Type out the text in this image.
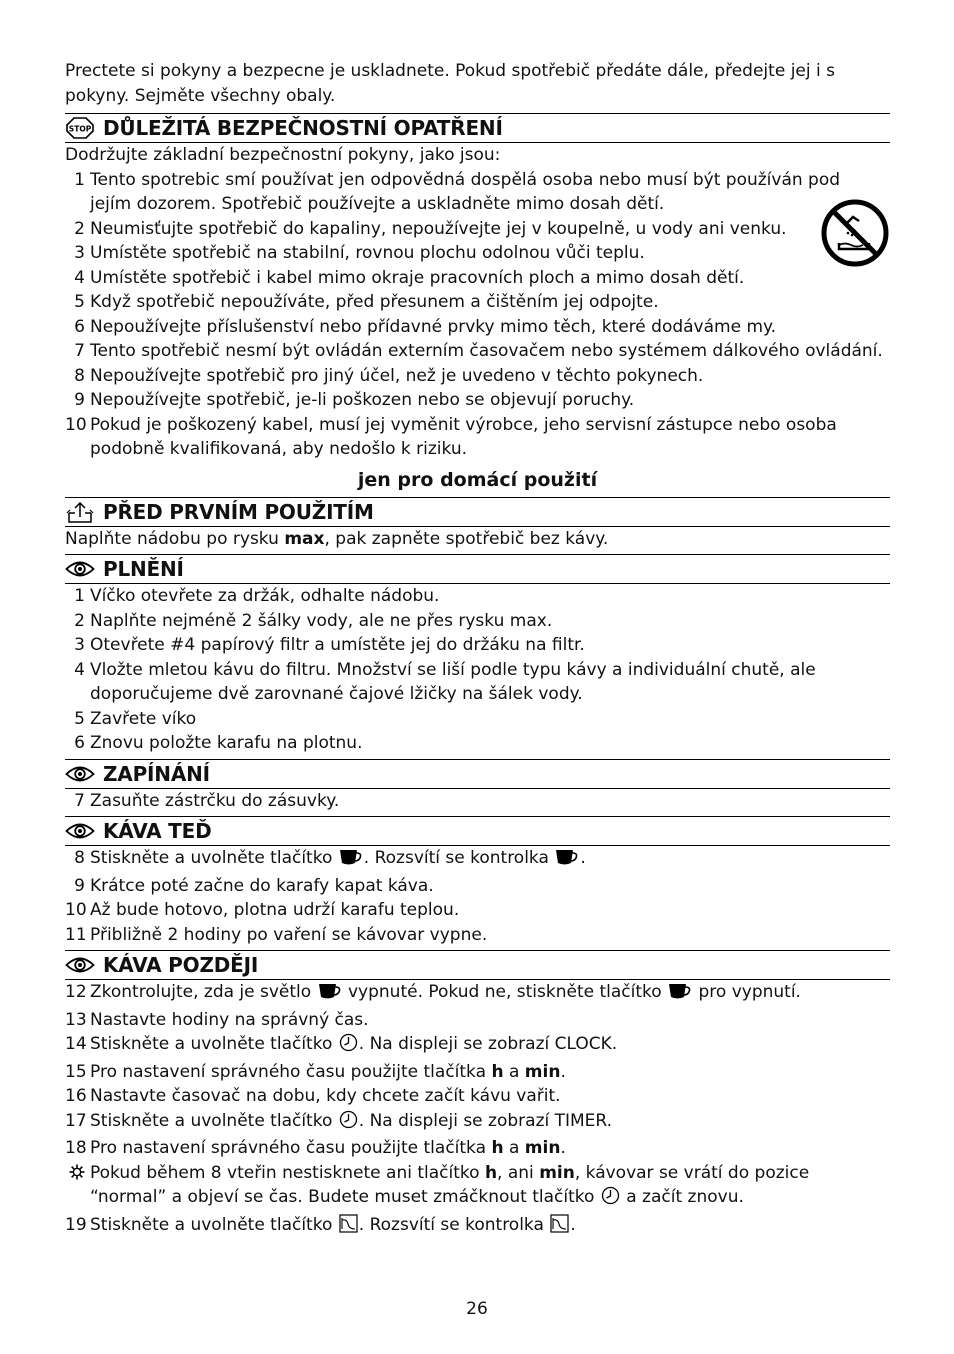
Prectete si pokyny a bezpecne je uskladnete. Pokud spotřebič předáte dále, předejte jej i s pokyny. Sejměte všechny obaly.

STOP DŮLEŽITÁ BEZPEČNOSTNÍ OPATŘENÍ
Dodržujte základní bezpečnostní pokyny, jako jsou:
1 Tento spotrebic smí používat jen odpovědná dospělá osoba nebo musí být používán pod jejím dozorem. Spotřebič používejte a uskladněte mimo dosah dětí.
2 Neumisťujte spotřebič do kapaliny, nepoužívejte jej v koupelně, u vody ani venku.
3 Umístěte spotřebič na stabilní, rovnou plochu odolnou vůči teplu.
4 Umístěte spotřebič i kabel mimo okraje pracovních ploch a mimo dosah dětí.
5 Když spotřebič nepoužíváte, před přesunem a čištěním jej odpojte.
6 Nepoužívejte příslušenství nebo přídavné prvky mimo těch, které dodáváme my.
7 Tento spotřebič nesmí být ovládán externím časovačem nebo systémem dálkového ovládání.
8 Nepoužívejte spotřebič pro jiný účel, než je uvedeno v těchto pokynech.
9 Nepoužívejte spotřebič, je-li poškozen nebo se objevují poruchy.
10 Pokud je poškozený kabel, musí jej vyměnit výrobce, jeho servisní zástupce nebo osoba podobně kvalifikovaná, aby nedošlo k riziku.
jen pro domácí použití
PŘED PRVNÍM POUŽITÍM
Naplňte nádobu po rysku max, pak zapněte spotřebič bez kávy.
PLNĚNÍ
1 Víčko otevřete za držák, odhalte nádobu.
2 Naplňte nejméně 2 šálky vody, ale ne přes rysku max.
3 Otevřete #4 papírový filtr a umístěte jej do držáku na filtr.
4 Vložte mletou kávu do filtru. Množství se liší podle typu kávy a individuální chutě, ale doporučujeme dvě zarovnané čajové lžičky na šálek vody.
5 Zavřete víko
6 Znovu položte karafu na plotnu.
ZAPÍNÁNÍ
7 Zasuňte zástrčku do zásuvky.
KÁVA TEĎ
8 Stiskněte a uvolněte tlačítko . Rozsvítí se kontrolka .
9 Krátce poté začne do karafy kapat káva.
10 Až bude hotovo, plotna udrží karafu teplou.
11 Přibližně 2 hodiny po vaření se kávovar vypne.
KÁVA POZDĚJI
12 Zkontrolujte, zda je světlo  vypnuté. Pokud ne, stiskněte tlačítko  pro vypnutí.
13 Nastavte hodiny na správný čas.
14 Stiskněte a uvolněte tlačítko . Na displeji se zobrazí CLOCK.
15 Pro nastavení správného času použijte tlačítka h a min.
16 Nastavte časovač na dobu, kdy chcete začít kávu vařit.
17 Stiskněte a uvolněte tlačítko . Na displeji se zobrazí TIMER.
18 Pro nastavení správného času použijte tlačítka h a min.
Pokud během 8 vteřin nestisknete ani tlačítko h, ani min, kávovar se vrátí do pozice “normal” a objeví se čas. Budete muset zmáčknout tlačítko  a začít znovu.
19 Stiskněte a uvolněte tlačítko . Rozsvítí se kontrolka .
26
